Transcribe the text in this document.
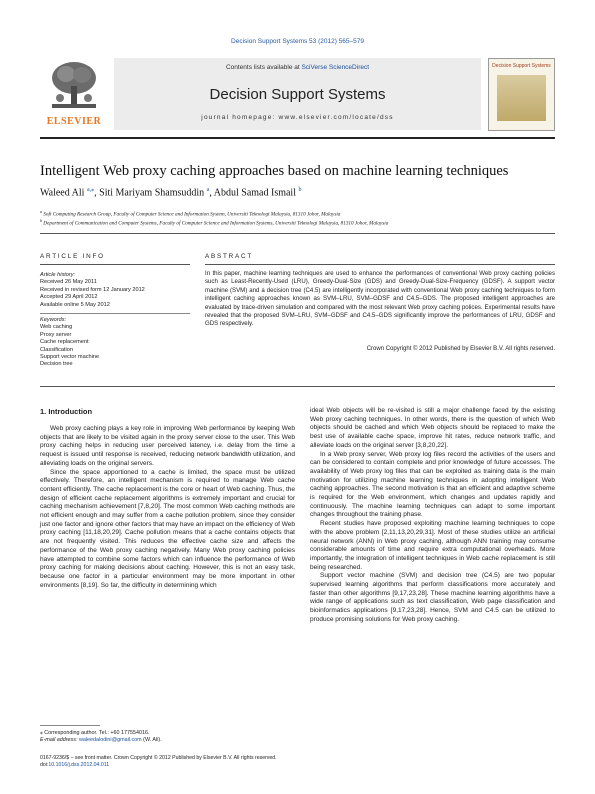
Decision Support Systems 53 (2012) 565–579
ELSEVIER
Contents lists available at SciVerse ScienceDirect
Decision Support Systems
journal homepage: www.elsevier.com/locate/dss
Decision Support Systems
Intelligent Web proxy caching approaches based on machine learning techniques
Waleed Ali $^{a,⁎}$, Siti Mariyam Shamsuddin $^a$, Abdul Samad Ismail $^b$
$^a$ Soft Computing Research Group, Faculty of Computer Science and Information System, Universiti Teknologi Malaysia, 81310 Johor, Malaysia
$^b$ Department of Communication and Computer Systems, Faculty of Computer Science and Information Systems, Universiti Teknologi Malaysia, 81310 Johor, Malaysia
ARTICLE INFO	ABSTRACT
Article history:
Received 26 May 2011
Received in revised form 12 January 2012
Accepted 29 April 2012
Available online 5 May 2012
Keywords:
Web caching
Proxy server
Cache replacement
Classification
Support vector machine
Decision tree
In this paper, machine learning techniques are used to enhance the performances of conventional Web proxy caching policies such as Least-Recently-Used (LRU), Greedy-Dual-Size (GDS) and Greedy-Dual-Size-Frequency (GDSF). A support vector machine (SVM) and a decision tree (C4.5) are intelligently incorporated with conventional Web proxy caching techniques to form intelligent caching approaches known as SVM–LRU, SVM–GDSF and C4.5–GDS. The proposed intelligent approaches are evaluated by trace-driven simulation and compared with the most relevant Web proxy caching polices. Experimental results have revealed that the proposed SVM–LRU, SVM–GDSF and C4.5–GDS significantly improve the performances of LRU, GDSF and GDS respectively.
Crown Copyright © 2012 Published by Elsevier B.V. All rights reserved.
1. Introduction

Web proxy caching plays a key role in improving Web performance by keeping Web objects that are likely to be visited again in the proxy server close to the user. This Web proxy caching helps in reducing user perceived latency, i.e. delay from the time a request is issued until response is received, reducing network bandwidth utilization, and alleviating loads on the original servers.

Since the space apportioned to a cache is limited, the space must be utilized effectively. Therefore, an intelligent mechanism is required to manage Web cache content efficiently. The cache replacement is the core or heart of Web caching. Thus, the design of efficient cache replacement algorithms is extremely important and crucial for caching mechanism achievement [7,8,20]. The most common Web caching methods are not efficient enough and may suffer from a cache pollution problem, since they consider just one factor and ignore other factors that may have an impact on the efficiency of Web proxy caching [11,18,20,29]. Cache pollution means that a cache contains objects that are not frequently visited. This reduces the effective cache size and affects the performance of the Web proxy caching negatively. Many Web proxy caching policies have attempted to combine some factors which can influence the performance of Web proxy caching for making decisions about caching. However, this is not an easy task, because one factor in a particular environment may be more important in other environments [8,19]. So far, the difficulty in determining which

ideal Web objects will be re-visited is still a major challenge faced by the existing Web proxy caching techniques. In other words, there is the question of which Web objects should be cached and which Web objects should be replaced to make the best use of available cache space, improve hit rates, reduce network traffic, and alleviate loads on the original server [3,8,20,22].

In a Web proxy server, Web proxy log files record the activities of the users and can be considered to contain complete and prior knowledge of future accesses. The availability of Web proxy log files that can be exploited as training data is the main motivation for utilizing machine learning techniques in adopting intelligent Web caching approaches. The second motivation is that an efficient and adaptive scheme is required for the Web environment, which changes and updates rapidly and continuously. The machine learning techniques can adapt to some important changes throughout the training phase.

Recent studies have proposed exploiting machine learning techniques to cope with the above problem [2,11,13,20,29,31]. Most of these studies utilize an artificial neural network (ANN) in Web proxy caching, although ANN training may consume considerable amounts of time and require extra computational overheads. More importantly, the integration of intelligent techniques in Web cache replacement is still being researched.

Support vector machine (SVM) and decision tree (C4.5) are two popular supervised learning algorithms that perform classifications more accurately and faster than other algorithms [9,17,23,28]. These machine learning algorithms have a wide range of applications such as text classification, Web page classification and bioinformatics applications [9,17,23,28]. Hence, SVM and C4.5 can be utilized to produce promising solutions for Web proxy caching.

⁎ Corresponding author. Tel.: +60 177554016.
E-mail address: waleedalodini@gmail.com (W. Ali).
0167-9236/$ – see front matter. Crown Copyright © 2012 Published by Elsevier B.V. All rights reserved.
doi:10.1016/j.dss.2012.04.011
